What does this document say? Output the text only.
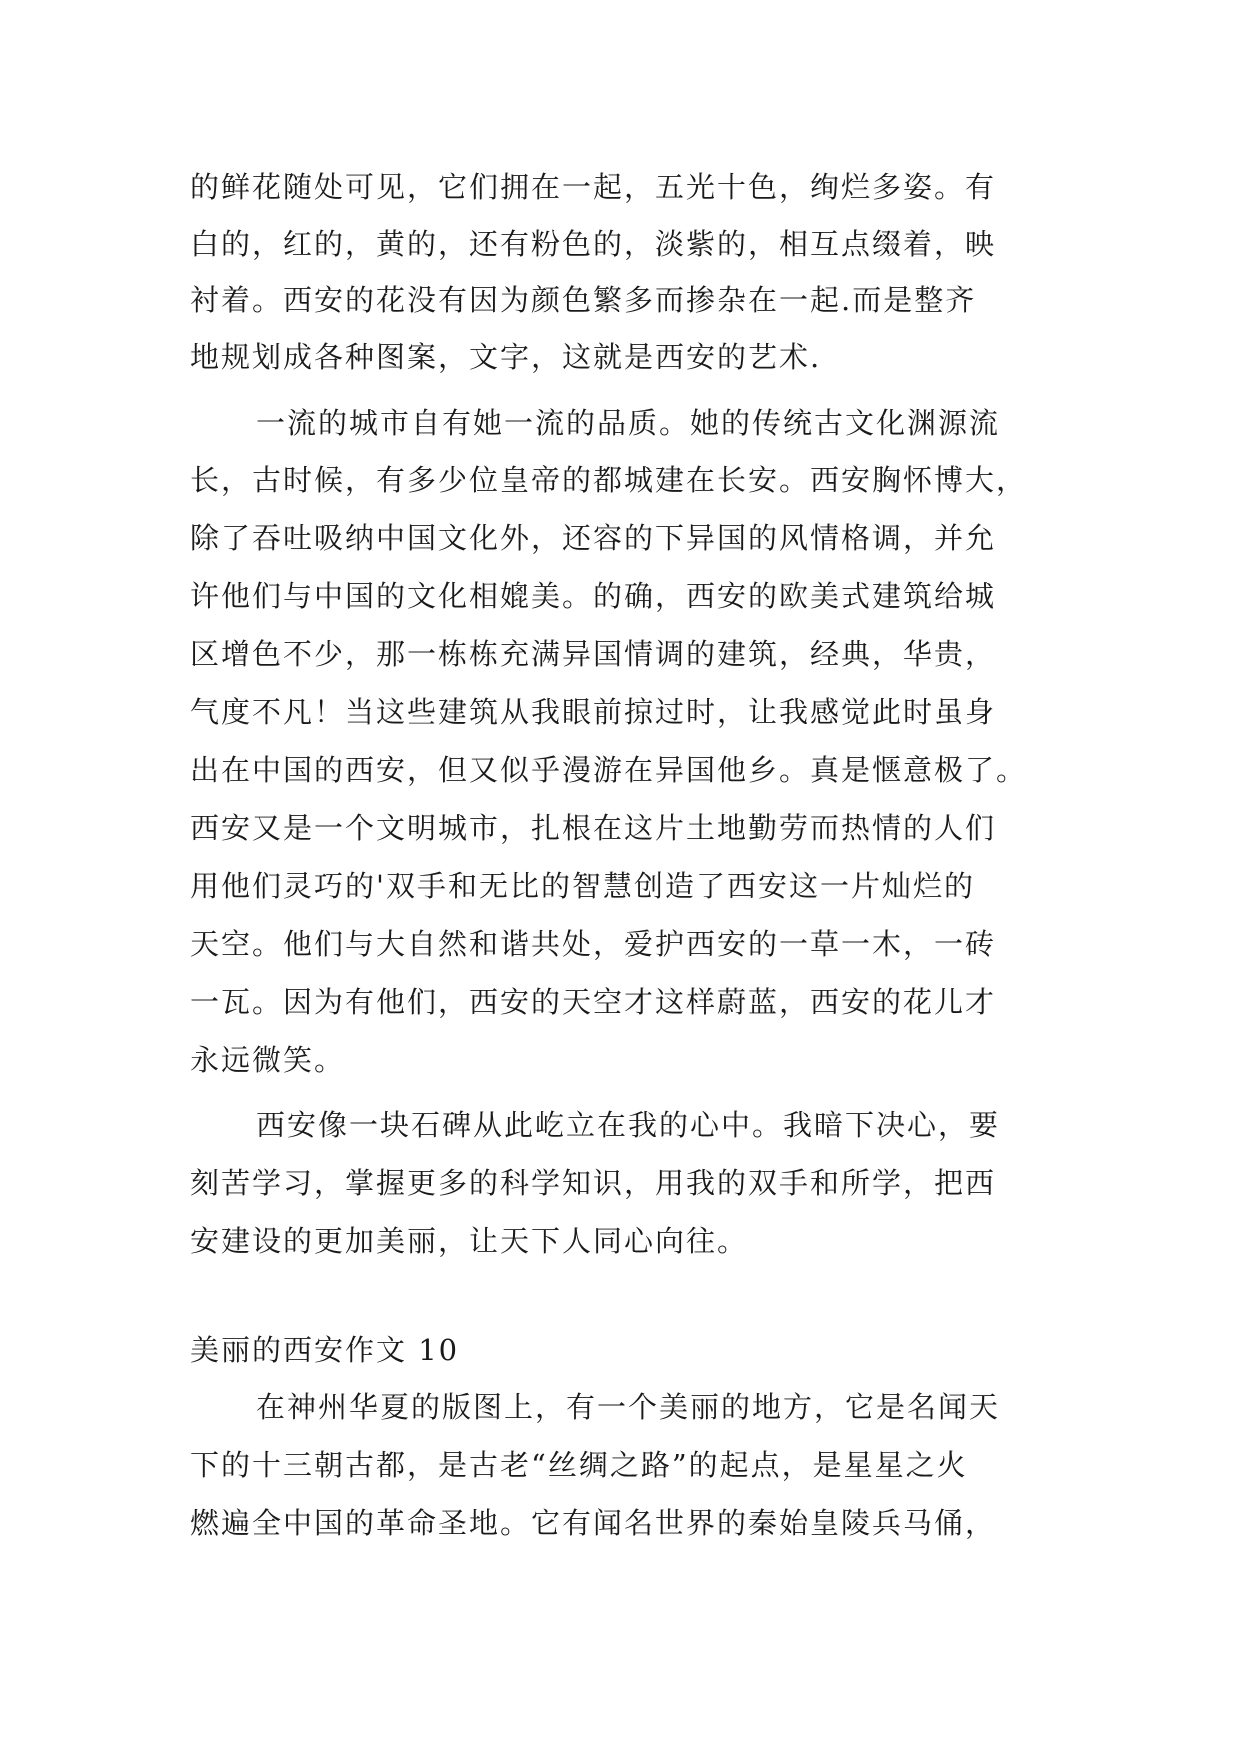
的鲜花随处可见，它们拥在一起，五光十色，绚烂多姿。有
白的，红的，黄的，还有粉色的，淡紫的，相互点缀着，映
衬着。西安的花没有因为颜色繁多而掺杂在一起.而是整齐
地规划成各种图案，文字，这就是西安的艺术.
一流的城市自有她一流的品质。她的传统古文化渊源流
长，古时候，有多少位皇帝的都城建在长安。西安胸怀博大，
除了吞吐吸纳中国文化外，还容的下异国的风情格调，并允
许他们与中国的文化相媲美。的确，西安的欧美式建筑给城
区增色不少，那一栋栋充满异国情调的建筑，经典，华贵，
气度不凡！当这些建筑从我眼前掠过时，让我感觉此时虽身
出在中国的西安，但又似乎漫游在异国他乡。真是惬意极了。
西安又是一个文明城市，扎根在这片土地勤劳而热情的人们
用他们灵巧的'双手和无比的智慧创造了西安这一片灿烂的
天空。他们与大自然和谐共处，爱护西安的一草一木，一砖
一瓦。因为有他们，西安的天空才这样蔚蓝，西安的花儿才
永远微笑。
西安像一块石碑从此屹立在我的心中。我暗下决心，要
刻苦学习，掌握更多的科学知识，用我的双手和所学，把西
安建设的更加美丽，让天下人同心向往。
美丽的西安作文 10
在神州华夏的版图上，有一个美丽的地方，它是名闻天
下的十三朝古都，是古老“丝绸之路”的起点，是星星之火
燃遍全中国的革命圣地。它有闻名世界的秦始皇陵兵马俑，
